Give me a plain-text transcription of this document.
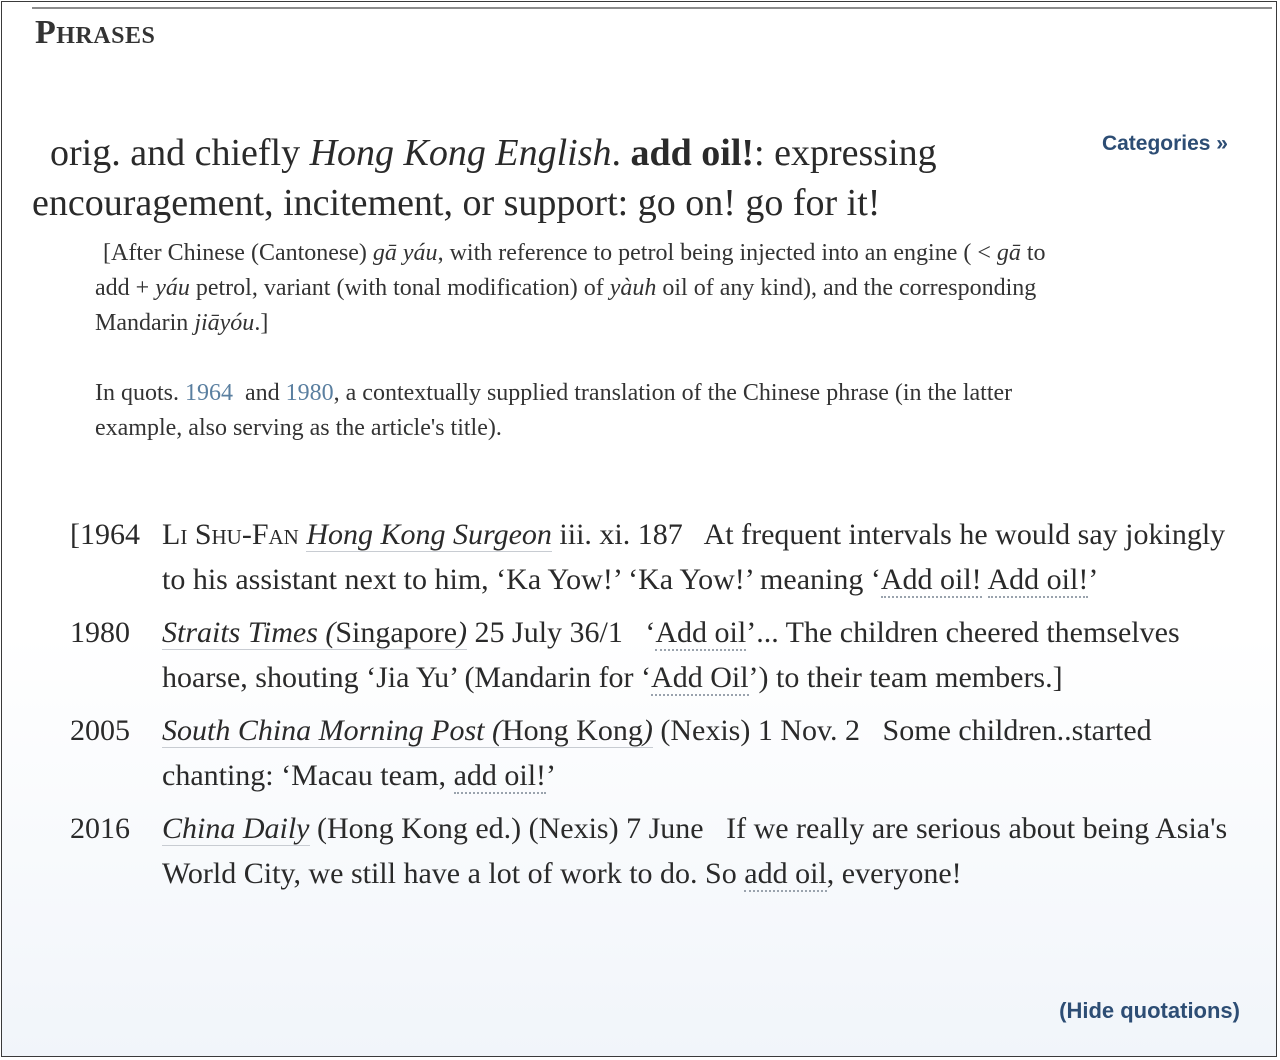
Phrases
Categories »
orig. and chiefly Hong Kong English. add oil!: expressing encouragement, incitement, or support: go on! go for it!
[After Chinese (Cantonese) gā yáu, with reference to petrol being injected into an engine ( < gā to add + yáu petrol, variant (with tonal modification) of yàuh oil of any kind), and the corresponding Mandarin jiāyóu.]
In quots. 1964  and 1980, a contextually supplied translation of the Chinese phrase (in the latter example, also serving as the article's title).
[1964 Li Shu-Fan Hong Kong Surgeon iii. xi. 187   At frequent intervals he would say jokingly to his assistant next to him, ‘Ka Yow!’ ‘Ka Yow!’ meaning ‘Add oil! Add oil!’
1980 Straits Times (Singapore) 25 July 36/1   ‘Add oil’... The children cheered themselves hoarse, shouting ‘Jia Yu’ (Mandarin for ‘Add Oil’) to their team members.]
2005 South China Morning Post (Hong Kong) (Nexis) 1 Nov. 2   Some children..started chanting: ‘Macau team, add oil!’
2016 China Daily (Hong Kong ed.) (Nexis) 7 June   If we really are serious about being Asia's World City, we still have a lot of work to do. So add oil, everyone!
(Hide quotations)
